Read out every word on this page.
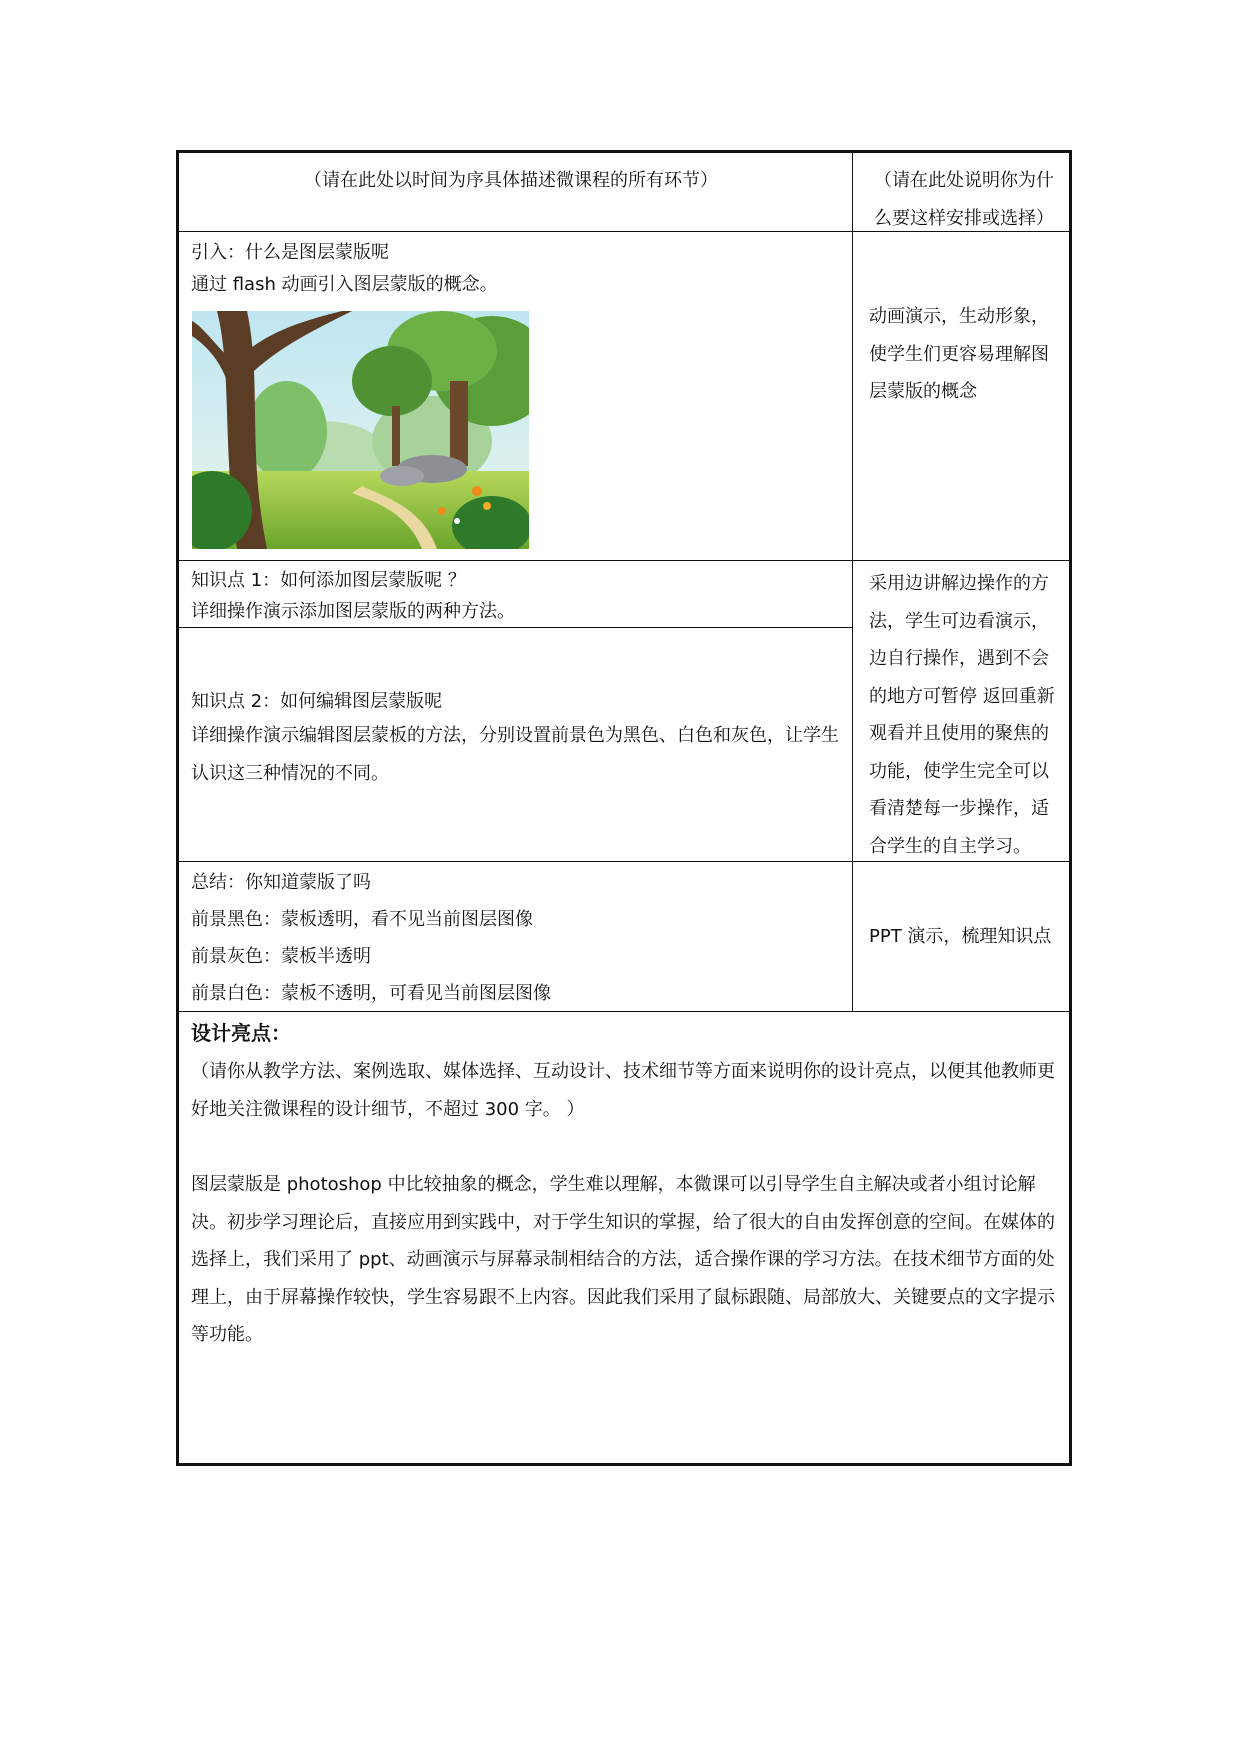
（请在此处以时间为序具体描述微课程的所有环节）	（请在此处说明你为什么要这样安排或选择）
引入：什么是图层蒙版呢
通过 flash 动画引入图层蒙版的概念。
动画演示，生动形象，使学生们更容易理解图层蒙版的概念
知识点 1：如何添加图层蒙版呢 ？
详细操作演示添加图层蒙版的两种方法。
知识点 2：如何编辑图层蒙版呢
详细操作演示编辑图层蒙板的方法，分别设置前景色为黑色、白色和灰色，让学生认识这三种情况的不同。
采用边讲解边操作的方法，学生可边看演示，边自行操作，遇到不会的地方可暂停 返回重新观看并且使用的聚焦的功能，使学生完全可以看清楚每一步操作，适合学生的自主学习。
总结：你知道蒙版了吗
前景黑色：蒙板透明，看不见当前图层图像
前景灰色：蒙板半透明
前景白色：蒙板不透明，可看见当前图层图像
PPT 演示，梳理知识点
设计亮点：
（请你从教学方法、案例选取、媒体选择、互动设计、技术细节等方面来说明你的设计亮点，以便其他教师更好地关注微课程的设计细节，不超过 300 字。 ）
图层蒙版是 photoshop 中比较抽象的概念，学生难以理解，本微课可以引导学生自主解决或者小组讨论解决。初步学习理论后，直接应用到实践中，对于学生知识的掌握，给了很大的自由发挥创意的空间。在媒体的选择上，我们采用了 ppt、动画演示与屏幕录制相结合的方法，适合操作课的学习方法。在技术细节方面的处理上，由于屏幕操作较快，学生容易跟不上内容。因此我们采用了鼠标跟随、局部放大、关键要点的文字提示等功能。
